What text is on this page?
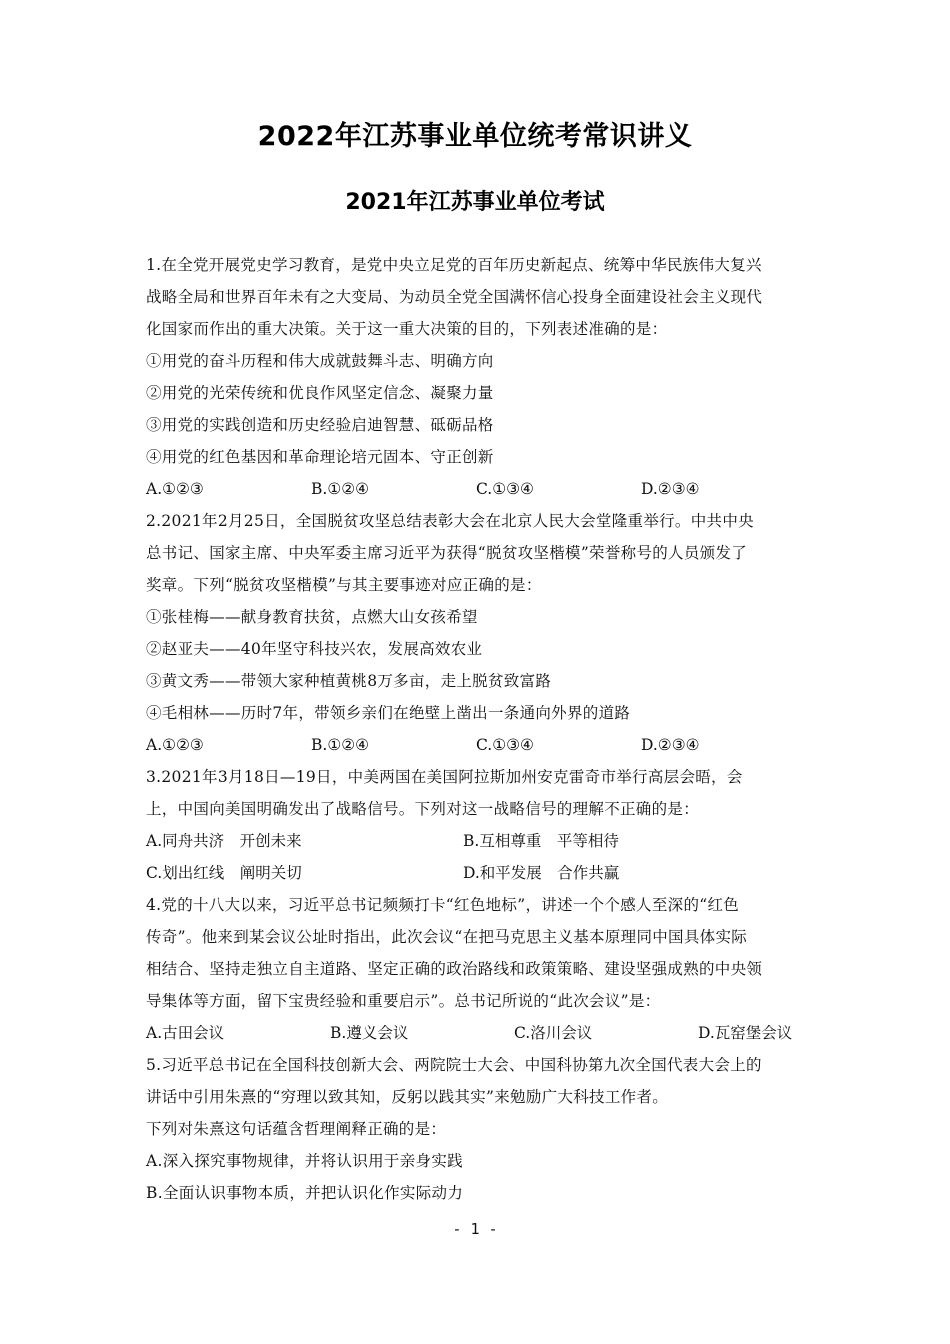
2022年江苏事业单位统考常识讲义
2021年江苏事业单位考试
1.在全党开展党史学习教育，是党中央立足党的百年历史新起点、统筹中华民族伟大复兴
战略全局和世界百年未有之大变局、为动员全党全国满怀信心投身全面建设社会主义现代
化国家而作出的重大决策。关于这一重大决策的目的，下列表述准确的是：
①用党的奋斗历程和伟大成就鼓舞斗志、明确方向
②用党的光荣传统和优良作风坚定信念、凝聚力量
③用党的实践创造和历史经验启迪智慧、砥砺品格
④用党的红色基因和革命理论培元固本、守正创新
A.①②③	B.①②④	C.①③④	D.②③④
2.2021年2月25日，全国脱贫攻坚总结表彰大会在北京人民大会堂隆重举行。中共中央
总书记、国家主席、中央军委主席习近平为获得“脱贫攻坚楷模”荣誉称号的人员颁发了
奖章。下列“脱贫攻坚楷模”与其主要事迹对应正确的是：
①张桂梅——献身教育扶贫，点燃大山女孩希望
②赵亚夫——40年坚守科技兴农，发展高效农业
③黄文秀——带领大家种植黄桃8万多亩，走上脱贫致富路
④毛相林——历时7年，带领乡亲们在绝壁上凿出一条通向外界的道路
A.①②③	B.①②④	C.①③④	D.②③④
3.2021年3月18日—19日，中美两国在美国阿拉斯加州安克雷奇市举行高层会晤，会
上，中国向美国明确发出了战略信号。下列对这一战略信号的理解不正确的是：
A.同舟共济　开创未来	B.互相尊重　平等相待
C.划出红线　阐明关切	D.和平发展　合作共赢
4.党的十八大以来，习近平总书记频频打卡“红色地标”，讲述一个个感人至深的“红色
传奇”。他来到某会议公址时指出，此次会议“在把马克思主义基本原理同中国具体实际
相结合、坚持走独立自主道路、坚定正确的政治路线和政策策略、建设坚强成熟的中央领
导集体等方面，留下宝贵经验和重要启示”。总书记所说的“此次会议”是：
A.古田会议	B.遵义会议	C.洛川会议	D.瓦窑堡会议
5.习近平总书记在全国科技创新大会、两院院士大会、中国科协第九次全国代表大会上的
讲话中引用朱熹的“穷理以致其知，反躬以践其实”来勉励广大科技工作者。
下列对朱熹这句话蕴含哲理阐释正确的是：
A.深入探究事物规律，并将认识用于亲身实践
B.全面认识事物本质，并把认识化作实际动力
- 1 -
